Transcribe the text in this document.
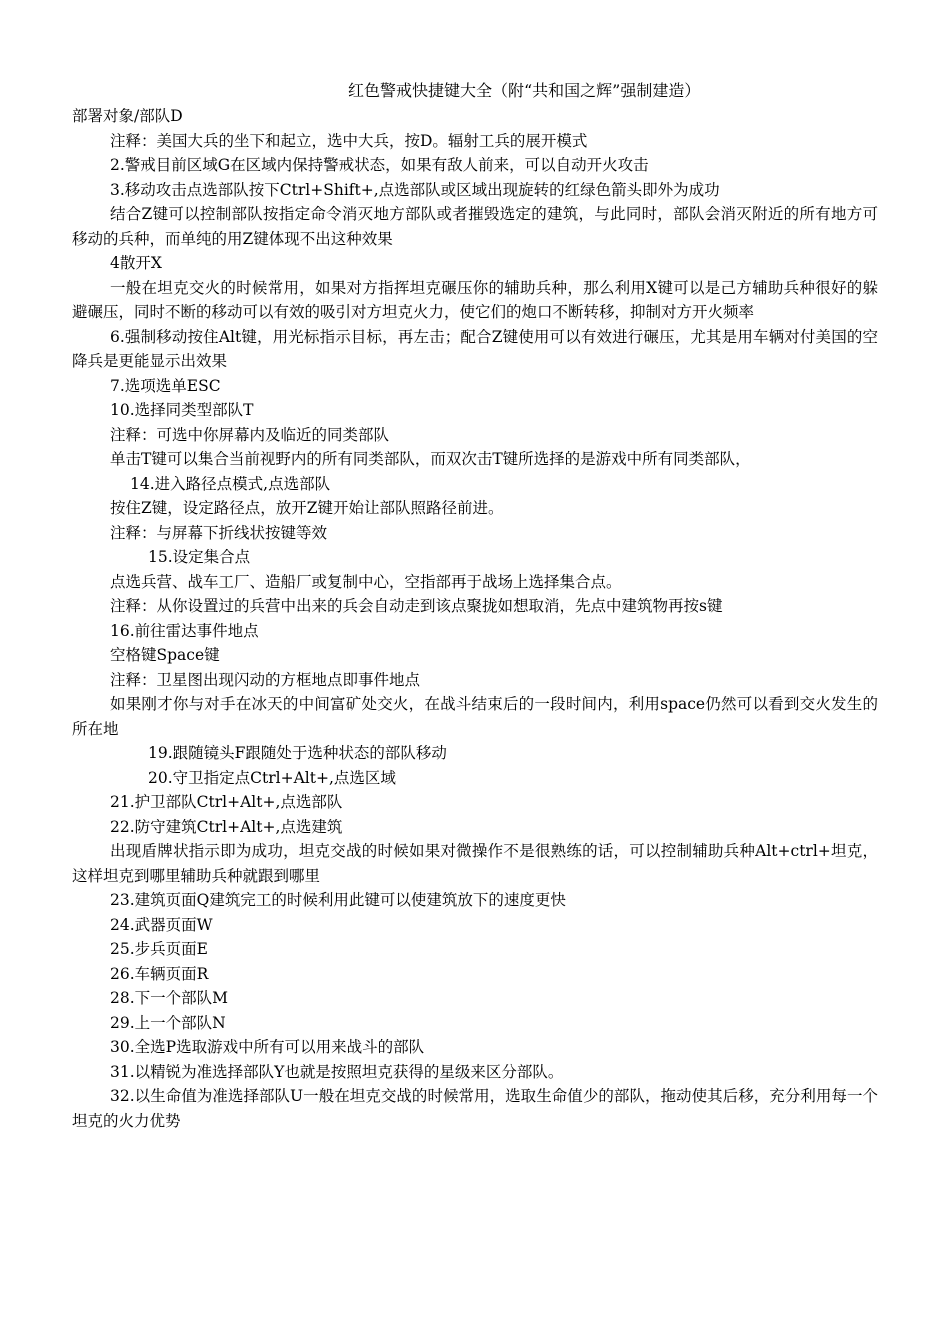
红色警戒快捷键大全（附“共和国之辉”强制建造）
部署对象/部队D
注释：美国大兵的坐下和起立，选中大兵，按D。辐射工兵的展开模式
2.警戒目前区域G在区域内保持警戒状态，如果有敌人前来，可以自动开火攻击
3.移动攻击点选部队按下Ctrl+Shift+,点选部队或区域出现旋转的红绿色箭头即外为成功
结合Z键可以控制部队按指定命令消灭地方部队或者摧毁选定的建筑，与此同时，部队会消灭附近的所有地方可移动的兵种，而单纯的用Z键体现不出这种效果
4散开X
一般在坦克交火的时候常用，如果对方指挥坦克碾压你的辅助兵种，那么利用X键可以是己方辅助兵种很好的躲避碾压，同时不断的移动可以有效的吸引对方坦克火力，使它们的炮口不断转移，抑制对方开火频率
6.强制移动按住Alt键，用光标指示目标，再左击；配合Z键使用可以有效进行碾压，尤其是用车辆对付美国的空降兵是更能显示出效果
7.选项选单ESC
10.选择同类型部队T
注释：可选中你屏幕内及临近的同类部队
单击T键可以集合当前视野内的所有同类部队，而双次击T键所选择的是游戏中所有同类部队，
14.进入路径点模式,点选部队
按住Z键，设定路径点，放开Z键开始让部队照路径前进。
注释：与屏幕下折线状按键等效
15.设定集合点
点选兵营、战车工厂、造船厂或复制中心，空指部再于战场上选择集合点。
注释：从你设置过的兵营中出来的兵会自动走到该点聚拢如想取消，先点中建筑物再按s键
16.前往雷达事件地点
空格键Space键
注释：卫星图出现闪动的方框地点即事件地点
如果刚才你与对手在冰天的中间富矿处交火，在战斗结束后的一段时间内，利用space仍然可以看到交火发生的所在地
19.跟随镜头F跟随处于选种状态的部队移动
20.守卫指定点Ctrl+Alt+,点选区域
21.护卫部队Ctrl+Alt+,点选部队
22.防守建筑Ctrl+Alt+,点选建筑
出现盾牌状指示即为成功，坦克交战的时候如果对微操作不是很熟练的话，可以控制辅助兵种Alt+ctrl+坦克，这样坦克到哪里辅助兵种就跟到哪里
23.建筑页面Q建筑完工的时候利用此键可以使建筑放下的速度更快
24.武器页面W
25.步兵页面E
26.车辆页面R
28.下一个部队M
29.上一个部队N
30.全选P选取游戏中所有可以用来战斗的部队
31.以精锐为准选择部队Y也就是按照坦克获得的星级来区分部队。
32.以生命值为准选择部队U一般在坦克交战的时候常用，选取生命值少的部队，拖动使其后移，充分利用每一个坦克的火力优势
